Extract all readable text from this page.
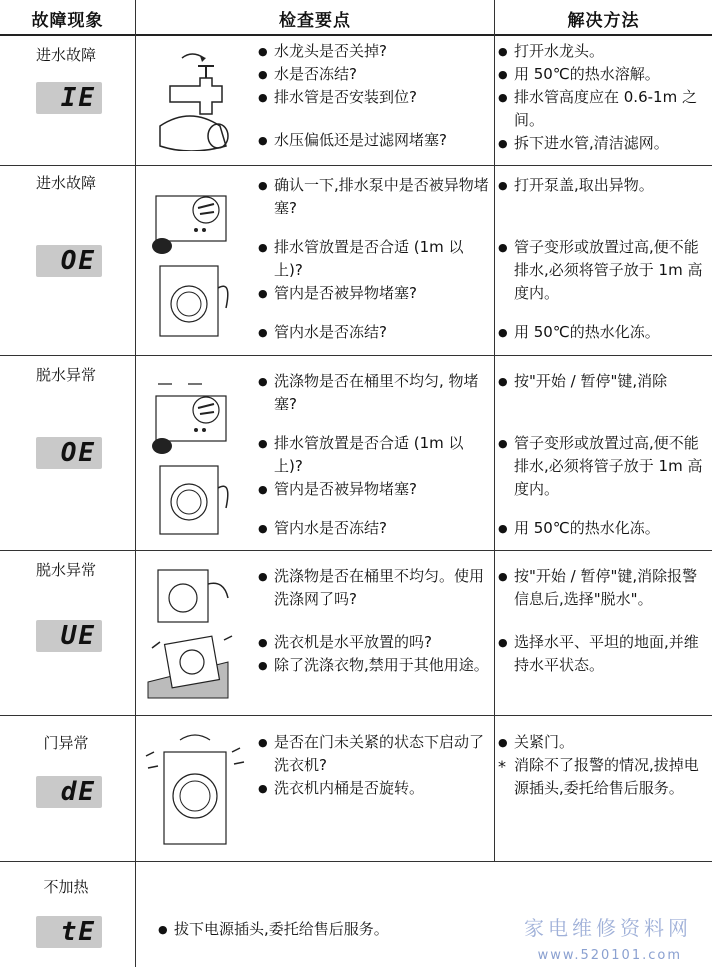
故障现象	检查要点	解决方法
进水故障
IE
● 水龙头是否关掉?
● 水是否冻结?
● 排水管是否安装到位?
● 水压偏低还是过滤网堵塞?
● 打开水龙头。
● 用 50℃的热水溶解。
● 排水管高度应在 0.6-1m 之间。
● 拆下进水管,清洁滤网。
进水故障
OE
● 确认一下,排水泵中是否被异物堵塞?
● 排水管放置是否合适 (1m 以上)?
● 管内是否被异物堵塞?
● 管内水是否冻结?
● 打开泵盖,取出异物。
● 管子变形或放置过高,便不能排水,必须将管子放于 1m 高度内。
● 用 50℃的热水化冻。
脱水异常
OE
● 洗涤物是否在桶里不均匀, 物堵塞?
● 排水管放置是否合适 (1m 以上)?
● 管内是否被异物堵塞?
● 管内水是否冻结?
● 按"开始 / 暂停"键,消除
● 管子变形或放置过高,便不能排水,必须将管子放于 1m 高度内。
● 用 50℃的热水化冻。
脱水异常
UE
● 洗涤物是否在桶里不均匀。使用洗涤网了吗?
● 洗衣机是水平放置的吗?
● 除了洗涤衣物,禁用于其他用途。
● 按"开始 / 暂停"键,消除报警信息后,选择"脱水"。
● 选择水平、平坦的地面,并维持水平状态。
门异常
dE
● 是否在门未关紧的状态下启动了洗衣机?
● 洗衣机内桶是否旋转。
● 关紧门。
* 消除不了报警的情况,拔掉电源插头,委托给售后服务。
不加热
tE
●	拔下电源插头,委托给售后服务。	家电维修资料网
www.520101.com
